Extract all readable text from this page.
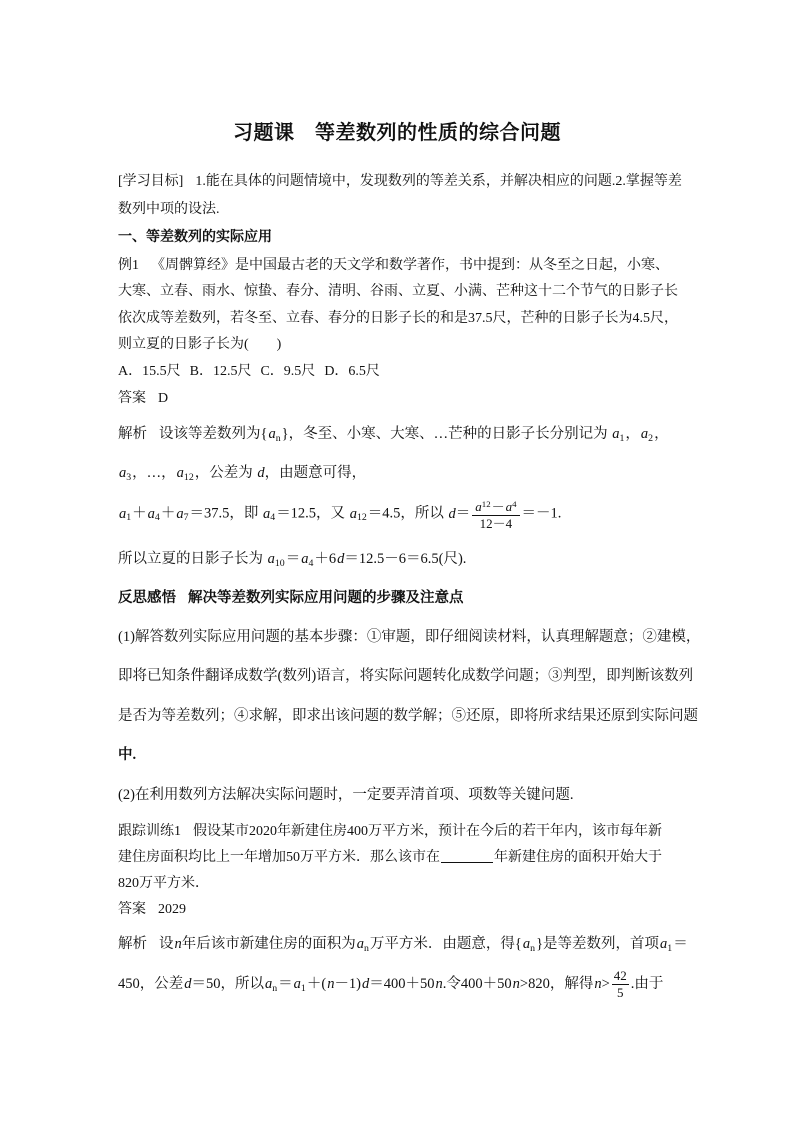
习题课　等差数列的性质的综合问题
[学习目标] 1.能在具体的问题情境中，发现数列的等差关系，并解决相应的问题.2.掌握等差
数列中项的设法.
一、等差数列的实际应用
例1 《周髀算经》是中国最古老的天文学和数学著作，书中提到：从冬至之日起，小寒、
大寒、立春、雨水、惊蛰、春分、清明、谷雨、立夏、小满、芒种这十二个节气的日影子长
依次成等差数列，若冬至、立春、春分的日影子长的和是37.5尺，芒种的日影子长为4.5尺，
则立夏的日影子长为(　　)
A．15.5尺 B．12.5尺 C．9.5尺 D．6.5尺
答案 D
解析 设该等差数列为{an}，冬至、小寒、大寒、…芒种的日影子长分别记为 a1，a2，
a3，…，a12，公差为 d，由题意可得，
a1＋a4＋a7＝37.5，即 a4＝12.5，又 a12＝4.5，所以 $d= \frac{a^{12}-a^4}{12-4} =-1$.
所以立夏的日影子长为 a10＝a4＋6d＝12.5－6＝6.5(尺).
反思感悟 解决等差数列实际应用问题的步骤及注意点
(1)解答数列实际应用问题的基本步骤：①审题，即仔细阅读材料，认真理解题意；②建模，
即将已知条件翻译成数学(数列)语言，将实际问题转化成数学问题；③判型，即判断该数列
是否为等差数列；④求解，即求出该问题的数学解；⑤还原，即将所求结果还原到实际问题
中.
(2)在利用数列方法解决实际问题时，一定要弄清首项、项数等关键问题.
跟踪训练1 假设某市2020年新建住房400万平方米，预计在今后的若干年内，该市每年新
建住房面积均比上一年增加50万平方米．那么该市在	年新建住房的面积开始大于
820万平方米．
答案 2029
解析 设n年后该市新建住房的面积为an万平方米．由题意，得{an}是等差数列，首项a1＝
450，公差d＝50，所以an＝a1＋(n－1)d＝400＋50n.令400＋50n>820，解得$n> \frac{42}{5}$ .由于
